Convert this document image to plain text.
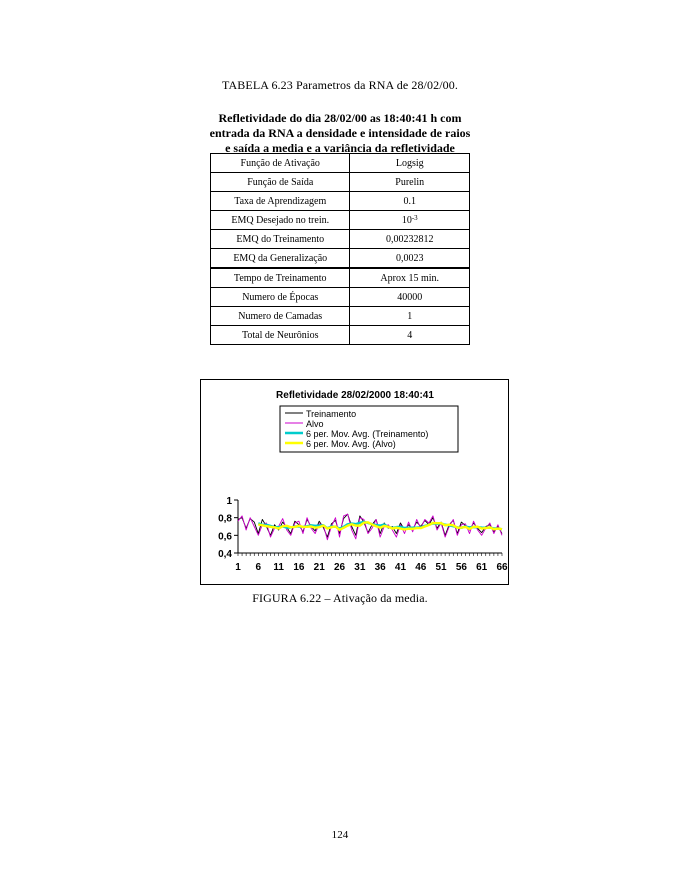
TABELA 6.23 Parametros da RNA de 28/02/00.
Refletividade do dia 28/02/00 as 18:40:41 h com
entrada da RNA a densidade e intensidade de raios
e saída a media e a variância da refletividade
Função de Ativação	Logsig
Função de Saída	Purelin
Taxa de Aprendizagem	0.1
EMQ Desejado no trein.	$10^{-3}$
EMQ do Treinamento	0,00232812
EMQ da Generalização	0,0023
Tempo de Treinamento	Aprox 15 min.
Numero de Épocas	40000
Numero de Camadas	1
Total de Neurônios	4
Refletividade 28/02/2000 18:40:41
Treinamento
Alvo
6 per. Mov. Avg. (Treinamento)
6 per. Mov. Avg. (Alvo)
0,4
0,6
0,8
1
1 6 11 16 21 26 31 36 41 46 51 56 61 66
FIGURA 6.22 – Ativação da media.
124
